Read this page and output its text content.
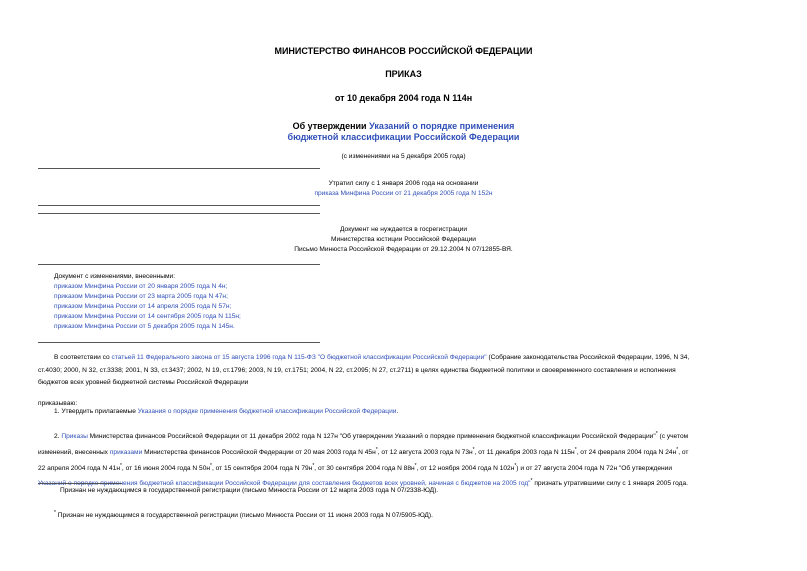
МИНИСТЕРСТВО ФИНАНСОВ РОССИЙСКОЙ ФЕДЕРАЦИИ
ПРИКАЗ
от 10 декабря 2004 года N 114н
Об утверждении Указаний о порядке применения
бюджетной классификации Российской Федерации
(с изменениями на 5 декабря 2005 года)
Утратил силу с 1 января 2006 года на основании
приказа Минфина России от 21 декабря 2005 года N 152н
Документ не нуждается в госрегистрации
Министерства юстиции Российской Федерации
Письмо Минюста Российской Федерации от 29.12.2004 N 07/12855-ВЯ.
Документ с изменениями, внесенными:
приказом Минфина России от 20 января 2005 года N 4н;
приказом Минфина России от 23 марта 2005 года N 47н;
приказом Минфина России от 14 апреля 2005 года N 57н;
приказом Минфина России от 14 сентября 2005 года N 115н;
приказом Минфина России от 5 декабря 2005 года N 145н.
В соответствии со статьей 11 Федерального закона от 15 августа 1996 года N 115-ФЗ "О бюджетной классификации Российской Федерации" (Собрание законодательства Российской Федерации, 1996, N 34,
ст.4030; 2000, N 32, ст.3338; 2001, N 33, ст.3437; 2002, N 19, ст.1796; 2003, N 19, ст.1751; 2004, N 22, ст.2095; N 27, ст.2711) в целях единства бюджетной политики и своевременного составления и исполнения
бюджетов всех уровней бюджетной системы Российской Федерации
приказываю:
1. Утвердить прилагаемые Указания о порядке применения бюджетной классификации Российской Федерации.
2. Приказы Министерства финансов Российской Федерации от 11 декабря 2002 года N 127н "Об утверждении Указаний о порядке применения бюджетной классификации Российской Федерации"* (с учетом
изменений, внесенных приказами Министерства финансов Российской Федерации от 20 мая 2003 года N 45н*, от 12 августа 2003 года N 73н*, от 11 декабря 2003 года N 115н*, от 24 февраля 2004 года N 24н*, от
22 апреля 2004 года N 41н*, от 16 июня 2004 года N 50н*, от 15 сентября 2004 года N 79н*, от 30 сентября 2004 года N 88н*, от 12 ноября 2004 года N 102н*) и от 27 августа 2004 года N 72н "Об утверждении
Указаний о порядке применения бюджетной классификации Российской Федерации для составления бюджетов всех уровней, начиная с бюджетов на 2005 год"* признать утратившими силу с 1 января 2005 года.
Признан не нуждающимся в государственной регистрации (письмо Минюста России от 12 марта 2003 года N 07/2338-ЮД).
* Признан не нуждающимся в государственной регистрации (письмо Минюста России от 11 июня 2003 года N 07/5905-ЮД).
